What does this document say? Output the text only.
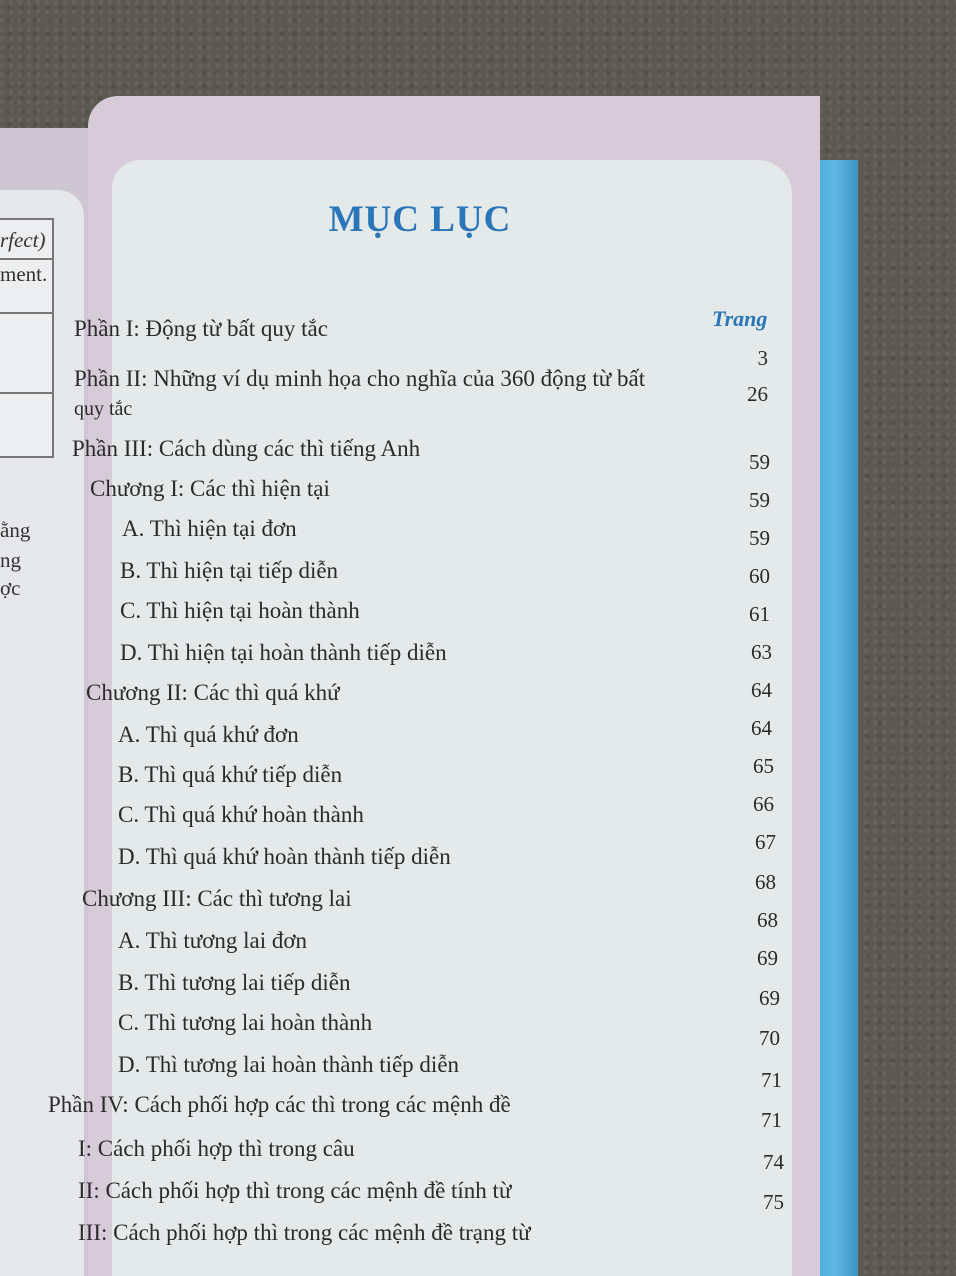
rfect)
ment.
ằng
ng
ợc
MỤC LỤC
Trang
Phần I: Động từ bất quy tắc
Phần II: Những ví dụ minh họa cho nghĩa của 360 động từ bất
quy tắc
Phần III: Cách dùng các thì tiếng Anh
Chương I: Các thì hiện tại
A. Thì hiện tại đơn
B. Thì hiện tại tiếp diễn
C. Thì hiện tại hoàn thành
D. Thì hiện tại hoàn thành tiếp diễn
Chương II: Các thì quá khứ
A. Thì quá khứ đơn
B. Thì quá khứ tiếp diễn
C. Thì quá khứ hoàn thành
D. Thì quá khứ hoàn thành tiếp diễn
Chương III: Các thì tương lai
A. Thì tương lai đơn
B. Thì tương lai tiếp diễn
C. Thì tương lai hoàn thành
D. Thì tương lai hoàn thành tiếp diễn
Phần IV: Cách phối hợp các thì trong các mệnh đề
I: Cách phối hợp thì trong câu
II: Cách phối hợp thì trong các mệnh đề tính từ
III: Cách phối hợp thì trong các mệnh đề trạng từ
3
26
59
59
59
60
61
63
64
64
65
66
67
68
68
69
69
70
71
71
74
75
